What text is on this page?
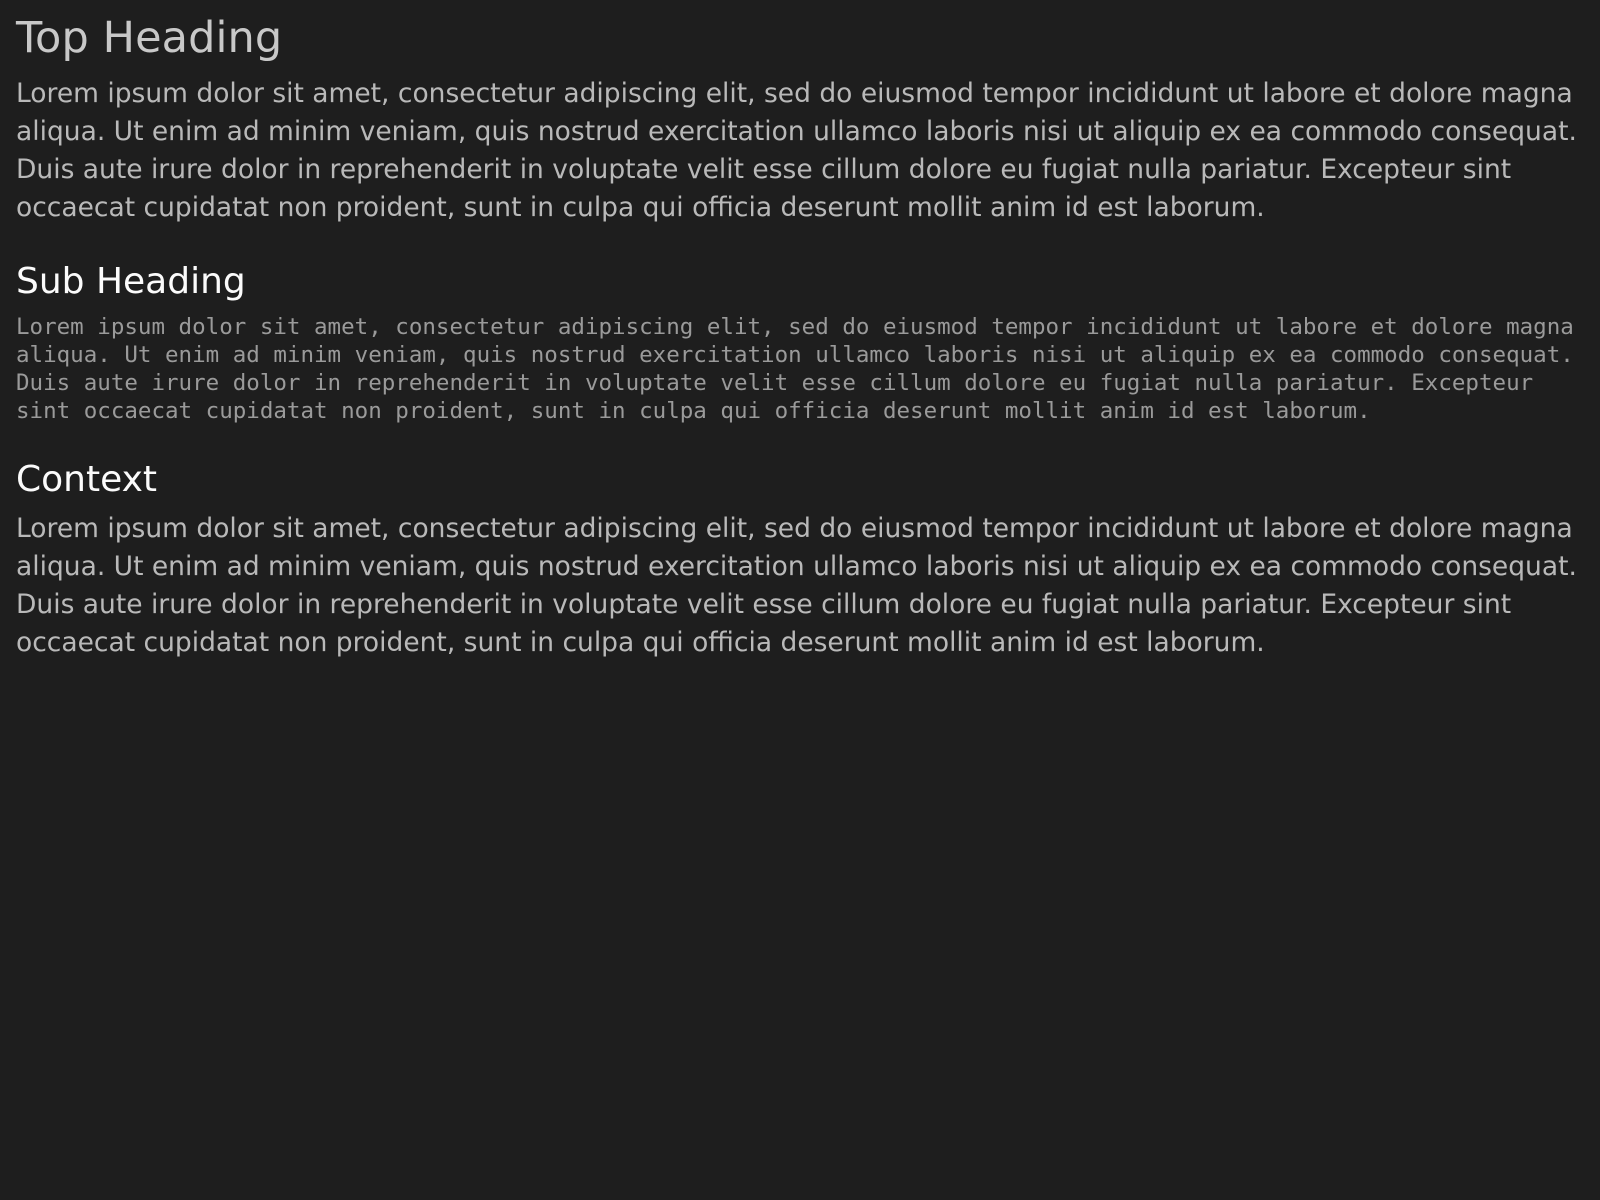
Top Heading

Lorem ipsum dolor sit amet, consectetur adipiscing elit, sed do eiusmod tempor incididunt ut labore et dolore magna aliqua. Ut enim ad minim veniam, quis nostrud exercitation ullamco laboris nisi ut aliquip ex ea commodo consequat. Duis aute irure dolor in reprehenderit in voluptate velit esse cillum dolore eu fugiat nulla pariatur. Excepteur sint occaecat cupidatat non proident, sunt in culpa qui officia deserunt mollit anim id est laborum.

Sub Heading

Lorem ipsum dolor sit amet, consectetur adipiscing elit, sed do eiusmod tempor incididunt ut labore et dolore magna aliqua. Ut enim ad minim veniam, quis nostrud exercitation ullamco laboris nisi ut aliquip ex ea commodo consequat. Duis aute irure dolor in reprehenderit in voluptate velit esse cillum dolore eu fugiat nulla pariatur. Excepteur sint occaecat cupidatat non proident, sunt in culpa qui officia deserunt mollit anim id est laborum.

Context

Lorem ipsum dolor sit amet, consectetur adipiscing elit, sed do eiusmod tempor incididunt ut labore et dolore magna aliqua. Ut enim ad minim veniam, quis nostrud exercitation ullamco laboris nisi ut aliquip ex ea commodo consequat. Duis aute irure dolor in reprehenderit in voluptate velit esse cillum dolore eu fugiat nulla pariatur. Excepteur sint occaecat cupidatat non proident, sunt in culpa qui officia deserunt mollit anim id est laborum.
